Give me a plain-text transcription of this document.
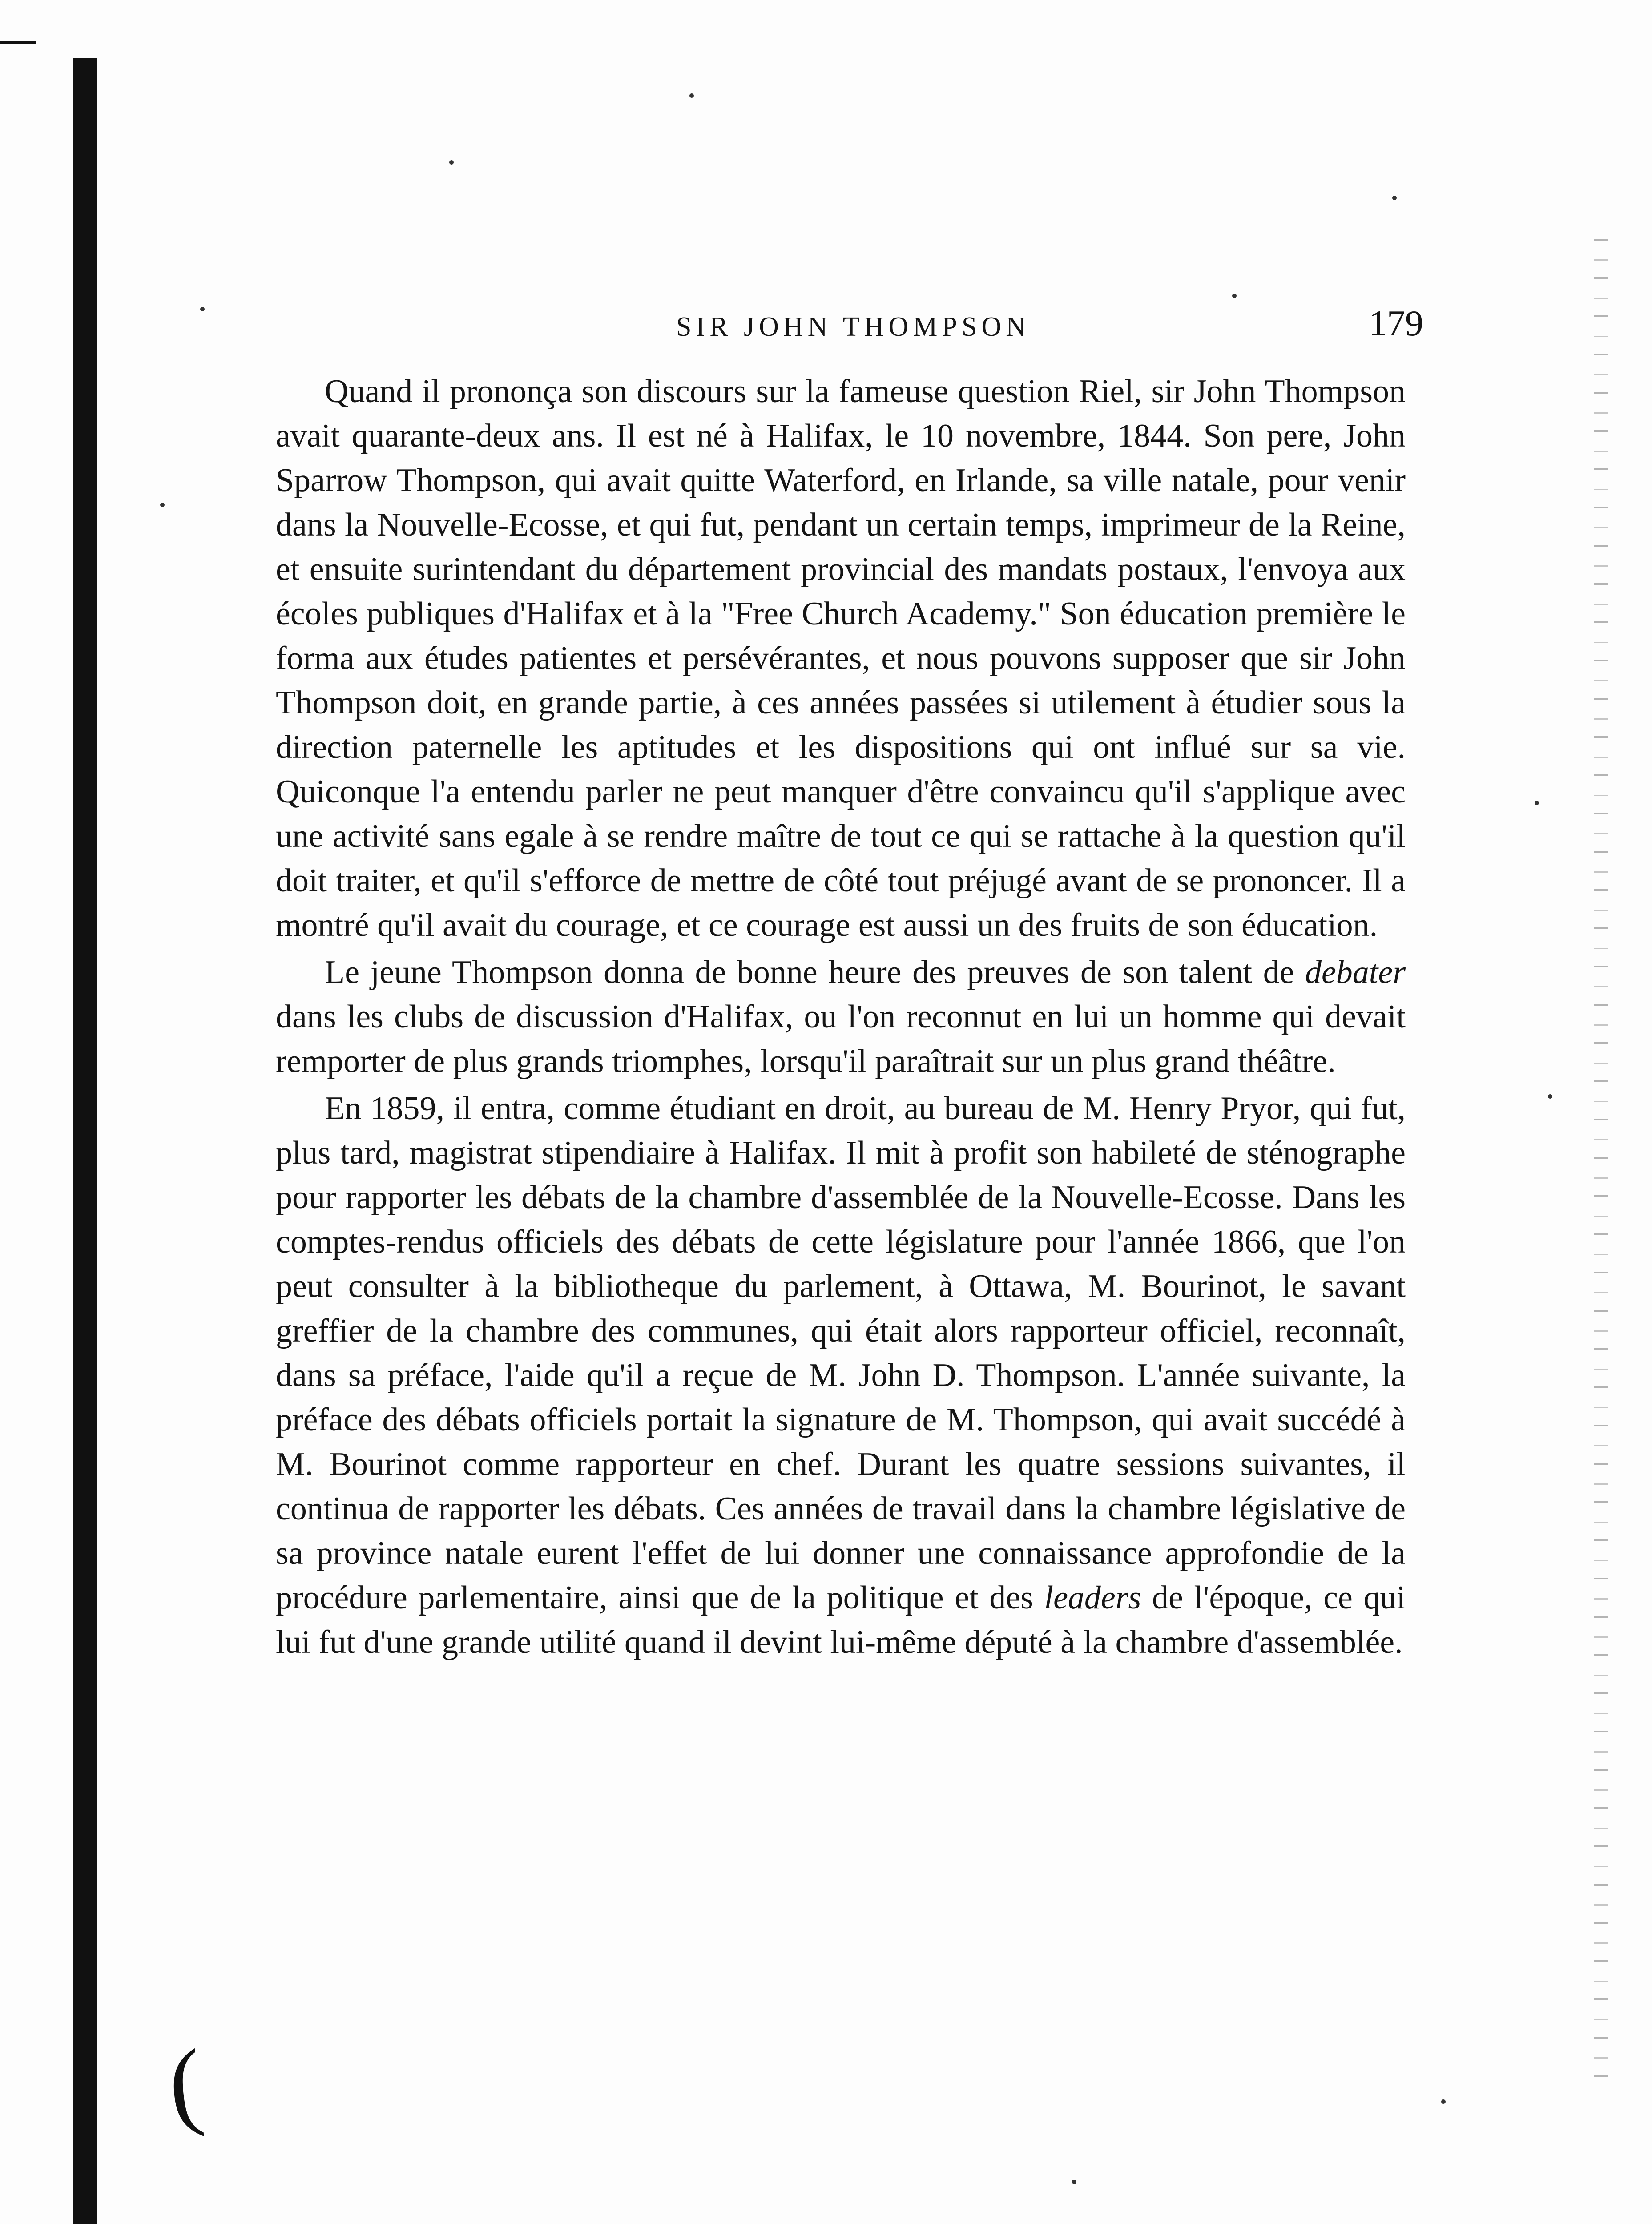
SIR JOHN THOMPSON	179

Quand il prononça son discours sur la fameuse question Riel, sir John Thompson avait quarante-deux ans. Il est né à Halifax, le 10 novembre, 1844. Son pere, John Sparrow Thompson, qui avait quitte Waterford, en Irlande, sa ville natale, pour venir dans la Nouvelle-Ecosse, et qui fut, pendant un certain temps, imprimeur de la Reine, et ensuite surintendant du département provincial des mandats postaux, l'envoya aux écoles publiques d'Halifax et à la "Free Church Academy." Son éducation première le forma aux études patientes et persévérantes, et nous pouvons supposer que sir John Thompson doit, en grande partie, à ces années passées si utilement à étudier sous la direction paternelle les aptitudes et les dispositions qui ont influé sur sa vie. Quiconque l'a entendu parler ne peut manquer d'être convaincu qu'il s'applique avec une activité sans egale à se rendre maître de tout ce qui se rattache à la question qu'il doit traiter, et qu'il s'efforce de mettre de côté tout préjugé avant de se prononcer. Il a montré qu'il avait du courage, et ce courage est aussi un des fruits de son éducation.

Le jeune Thompson donna de bonne heure des preuves de son talent de debater dans les clubs de discussion d'Halifax, ou l'on reconnut en lui un homme qui devait remporter de plus grands triomphes, lorsqu'il paraîtrait sur un plus grand théâtre.

En 1859, il entra, comme étudiant en droit, au bureau de M. Henry Pryor, qui fut, plus tard, magistrat stipendiaire à Halifax. Il mit à profit son habileté de sténographe pour rapporter les débats de la chambre d'assemblée de la Nouvelle-Ecosse. Dans les comptes-rendus officiels des débats de cette législature pour l'année 1866, que l'on peut consulter à la bibliotheque du parlement, à Ottawa, M. Bourinot, le savant greffier de la chambre des communes, qui était alors rapporteur officiel, reconnaît, dans sa préface, l'aide qu'il a reçue de M. John D. Thompson. L'année suivante, la préface des débats officiels portait la signature de M. Thompson, qui avait succédé à M. Bourinot comme rapporteur en chef. Durant les quatre sessions suivantes, il continua de rapporter les débats. Ces années de travail dans la chambre législative de sa province natale eurent l'effet de lui donner une connaissance approfondie de la procédure parlementaire, ainsi que de la politique et des leaders de l'époque, ce qui lui fut d'une grande utilité quand il devint lui-même député à la chambre d'assemblée.

(
